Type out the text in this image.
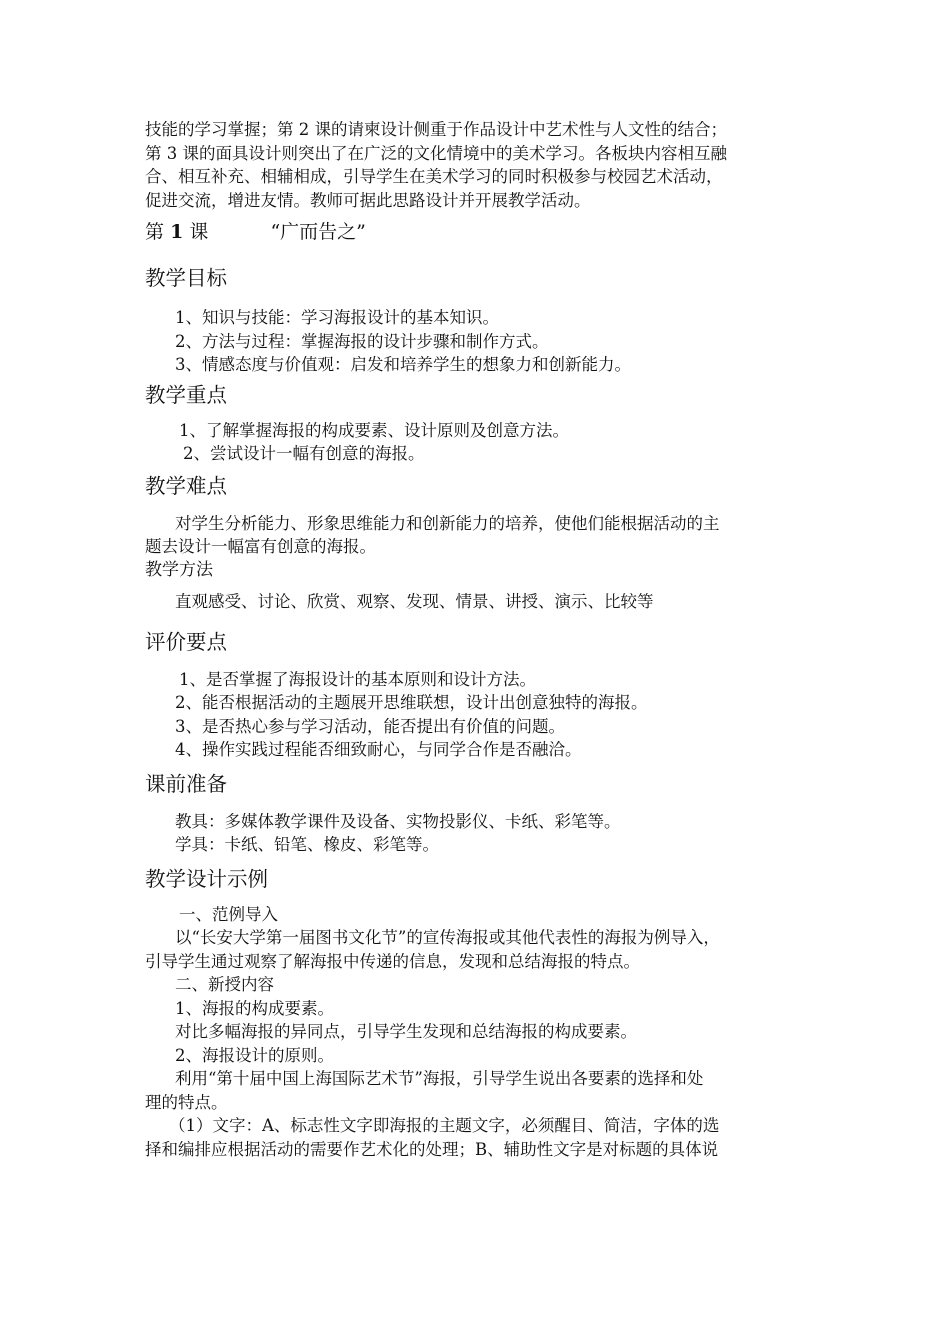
技能的学习掌握；第 2 课的请柬设计侧重于作品设计中艺术性与人文性的结合；

第 3 课的面具设计则突出了在广泛的文化情境中的美术学习。各板块内容相互融

合、相互补充、相辅相成，引导学生在美术学习的同时积极参与校园艺术活动，

促进交流，增进友情。教师可据此思路设计并开展教学活动。

第 1 课	“广而告之”

教学目标

1、知识与技能：学习海报设计的基本知识。

2、方法与过程：掌握海报的设计步骤和制作方式。

3、情感态度与价值观：启发和培养学生的想象力和创新能力。

教学重点

1、了解掌握海报的构成要素、设计原则及创意方法。

2、尝试设计一幅有创意的海报。

教学难点

对学生分析能力、形象思维能力和创新能力的培养，使他们能根据活动的主

题去设计一幅富有创意的海报。

教学方法

直观感受、讨论、欣赏、观察、发现、情景、讲授、演示、比较等

评价要点

1、是否掌握了海报设计的基本原则和设计方法。

2、能否根据活动的主题展开思维联想，设计出创意独特的海报。

3、是否热心参与学习活动，能否提出有价值的问题。

4、操作实践过程能否细致耐心，与同学合作是否融洽。

课前准备

教具：多媒体教学课件及设备、实物投影仪、卡纸、彩笔等。

学具：卡纸、铅笔、橡皮、彩笔等。

教学设计示例

一、范例导入

以“长安大学第一届图书文化节”的宣传海报或其他代表性的海报为例导入，

引导学生通过观察了解海报中传递的信息，发现和总结海报的特点。

二、新授内容

1、海报的构成要素。

对比多幅海报的异同点，引导学生发现和总结海报的构成要素。

2、海报设计的原则。

利用“第十届中国上海国际艺术节”海报，引导学生说出各要素的选择和处

理的特点。

（1）文字：A、标志性文字即海报的主题文字，必须醒目、简洁，字体的选

择和编排应根据活动的需要作艺术化的处理；B、辅助性文字是对标题的具体说
